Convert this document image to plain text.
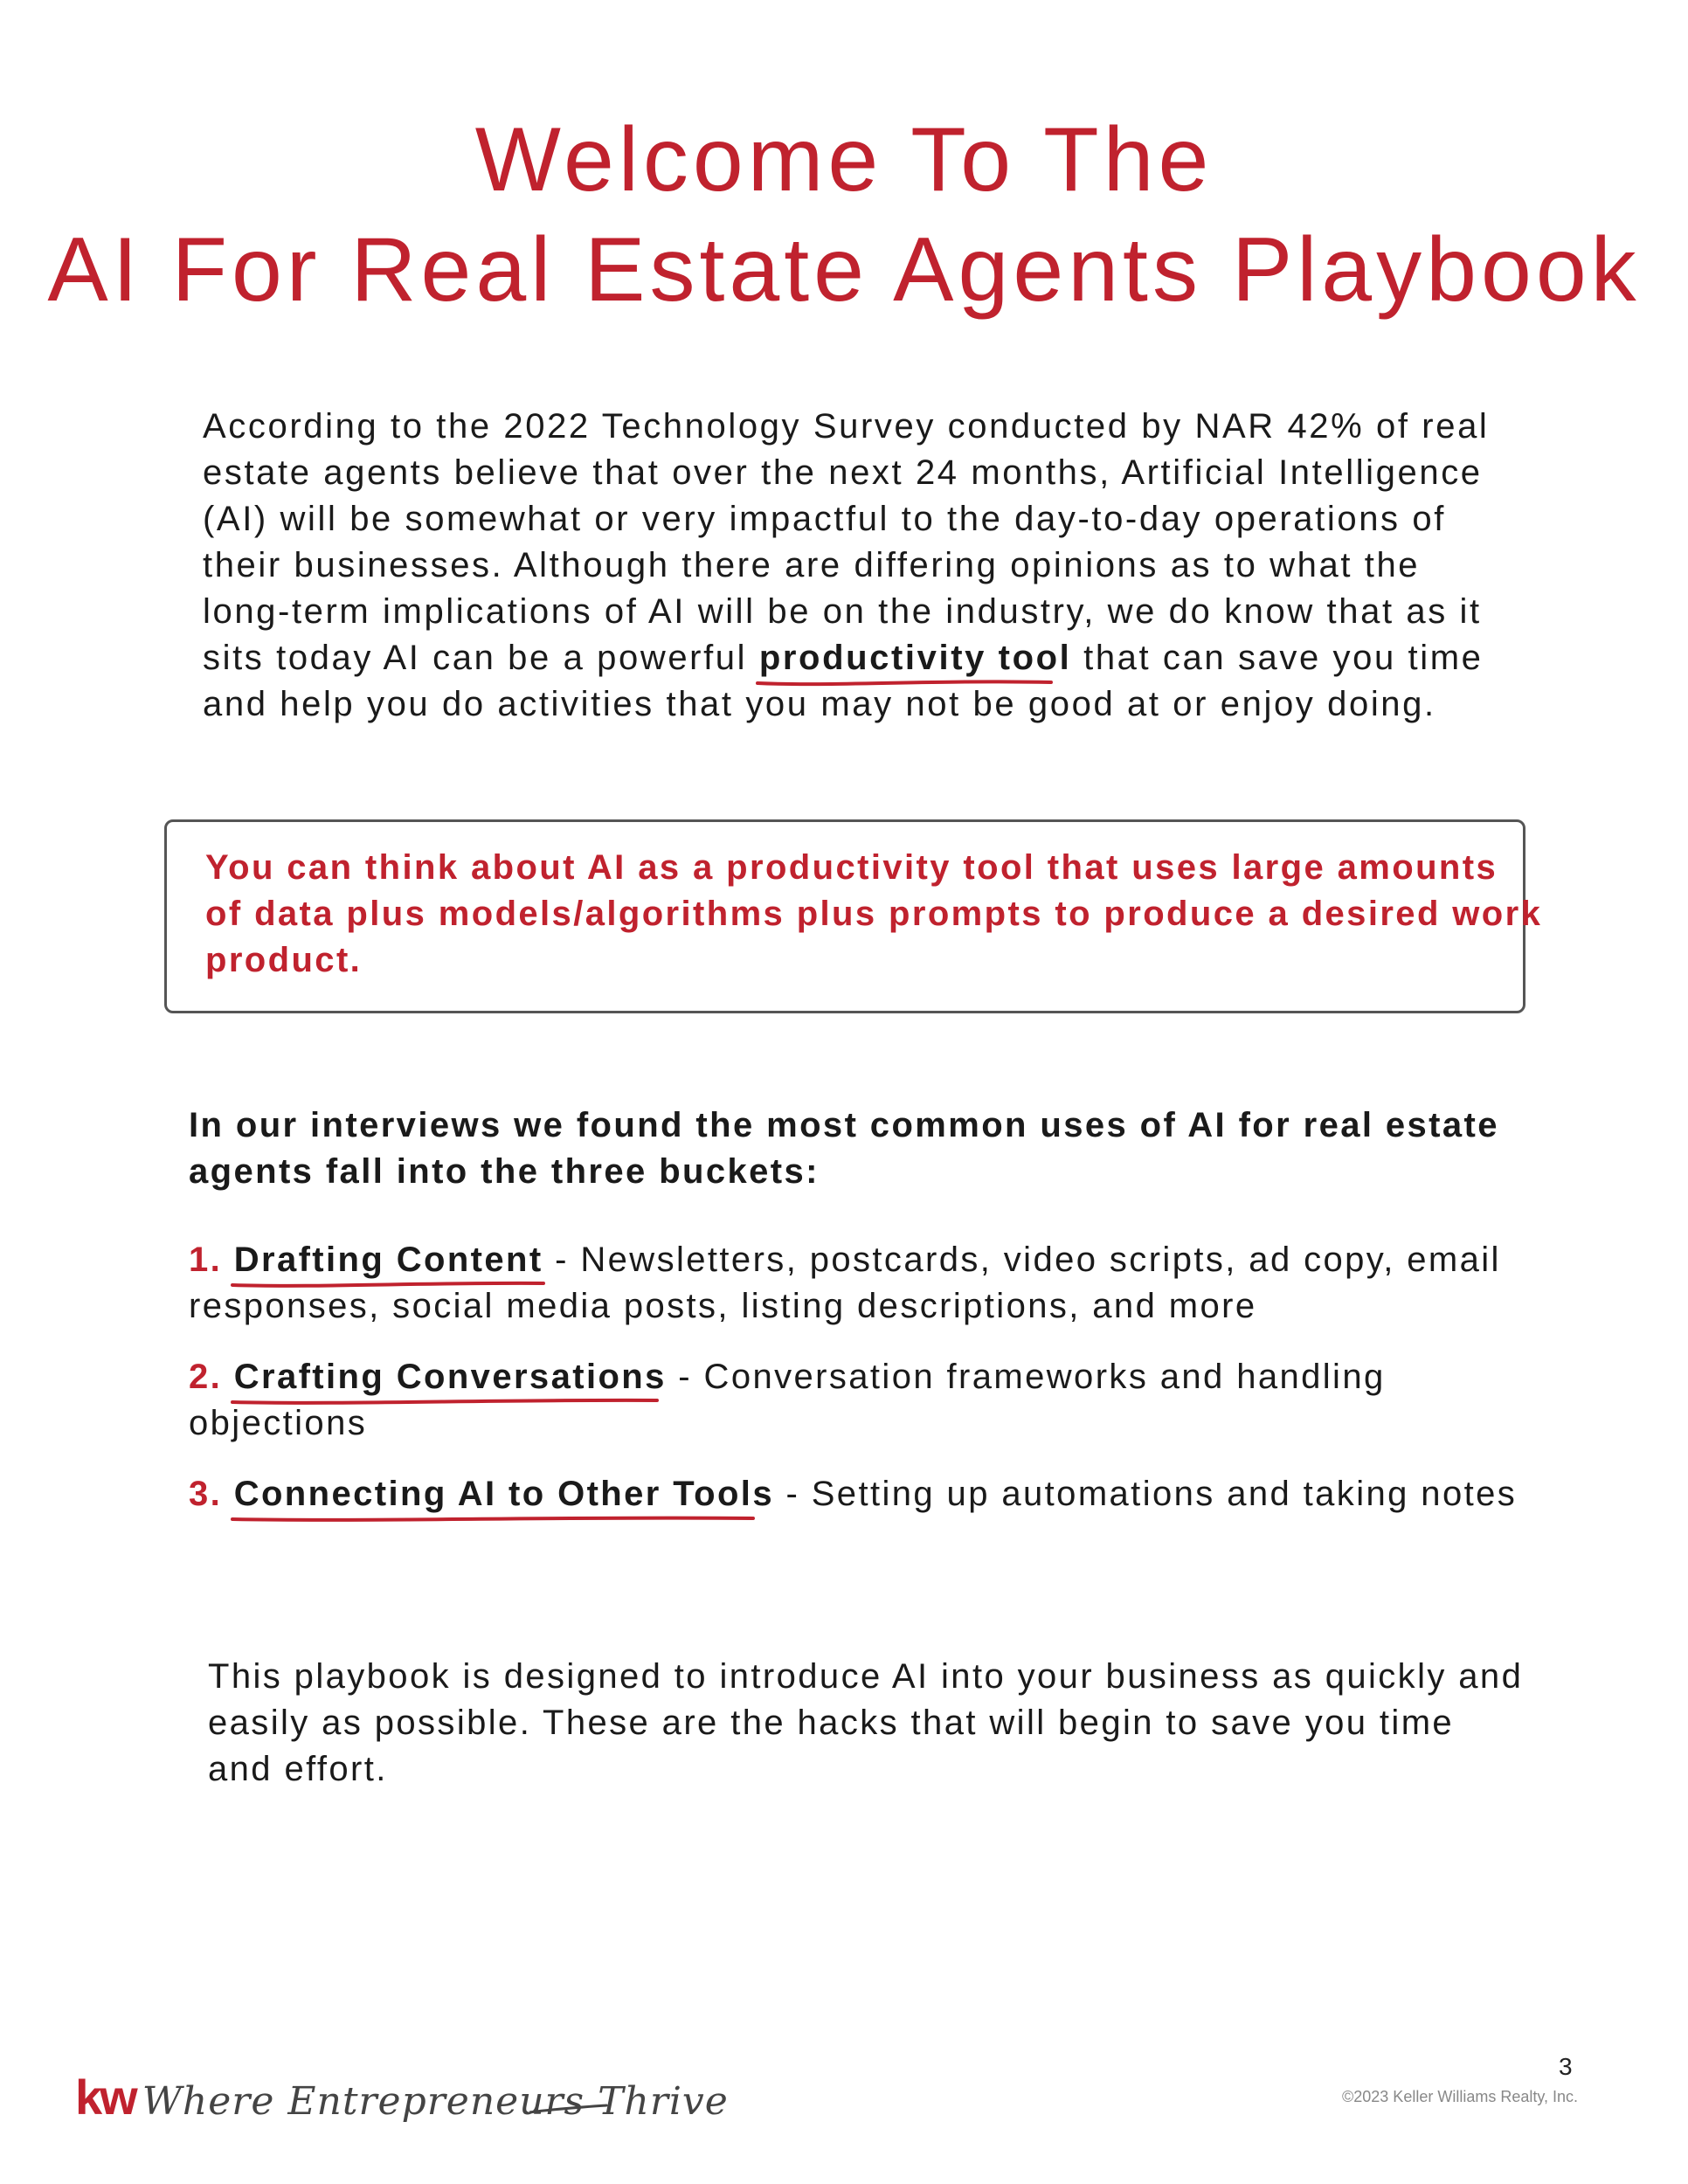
Welcome To The
AI For Real Estate Agents Playbook

According to the 2022 Technology Survey conducted by NAR 42% of real
estate agents believe that over the next 24 months, Artificial Intelligence
(AI) will be somewhat or very impactful to the day-to-day operations of
their businesses. Although there are differing opinions as to what the
long-term implications of AI will be on the industry, we do know that as it
sits today AI can be a powerful productivity tool
that can save you time
and help you do activities that you may not be good at or enjoy doing.

You can think about AI as a productivity tool that uses large amounts
of data plus models/algorithms plus prompts to produce a desired work
product.

In our interviews we found the most common uses of AI for real estate
agents fall into the three buckets:

1. Drafting Content
- Newsletters, postcards, video scripts, ad copy, email
responses, social media posts, listing descriptions, and more

2. Crafting Conversations
- Conversation frameworks and handling
objections

3. Connecting AI to Other Tools
- Setting up automations and taking notes

This playbook is designed to introduce AI into your business as quickly and
easily as possible. These are the hacks that will begin to save you time
and effort.

kw Where Entrepreneurs Thrive
3
©2023 Keller Williams Realty, Inc.
